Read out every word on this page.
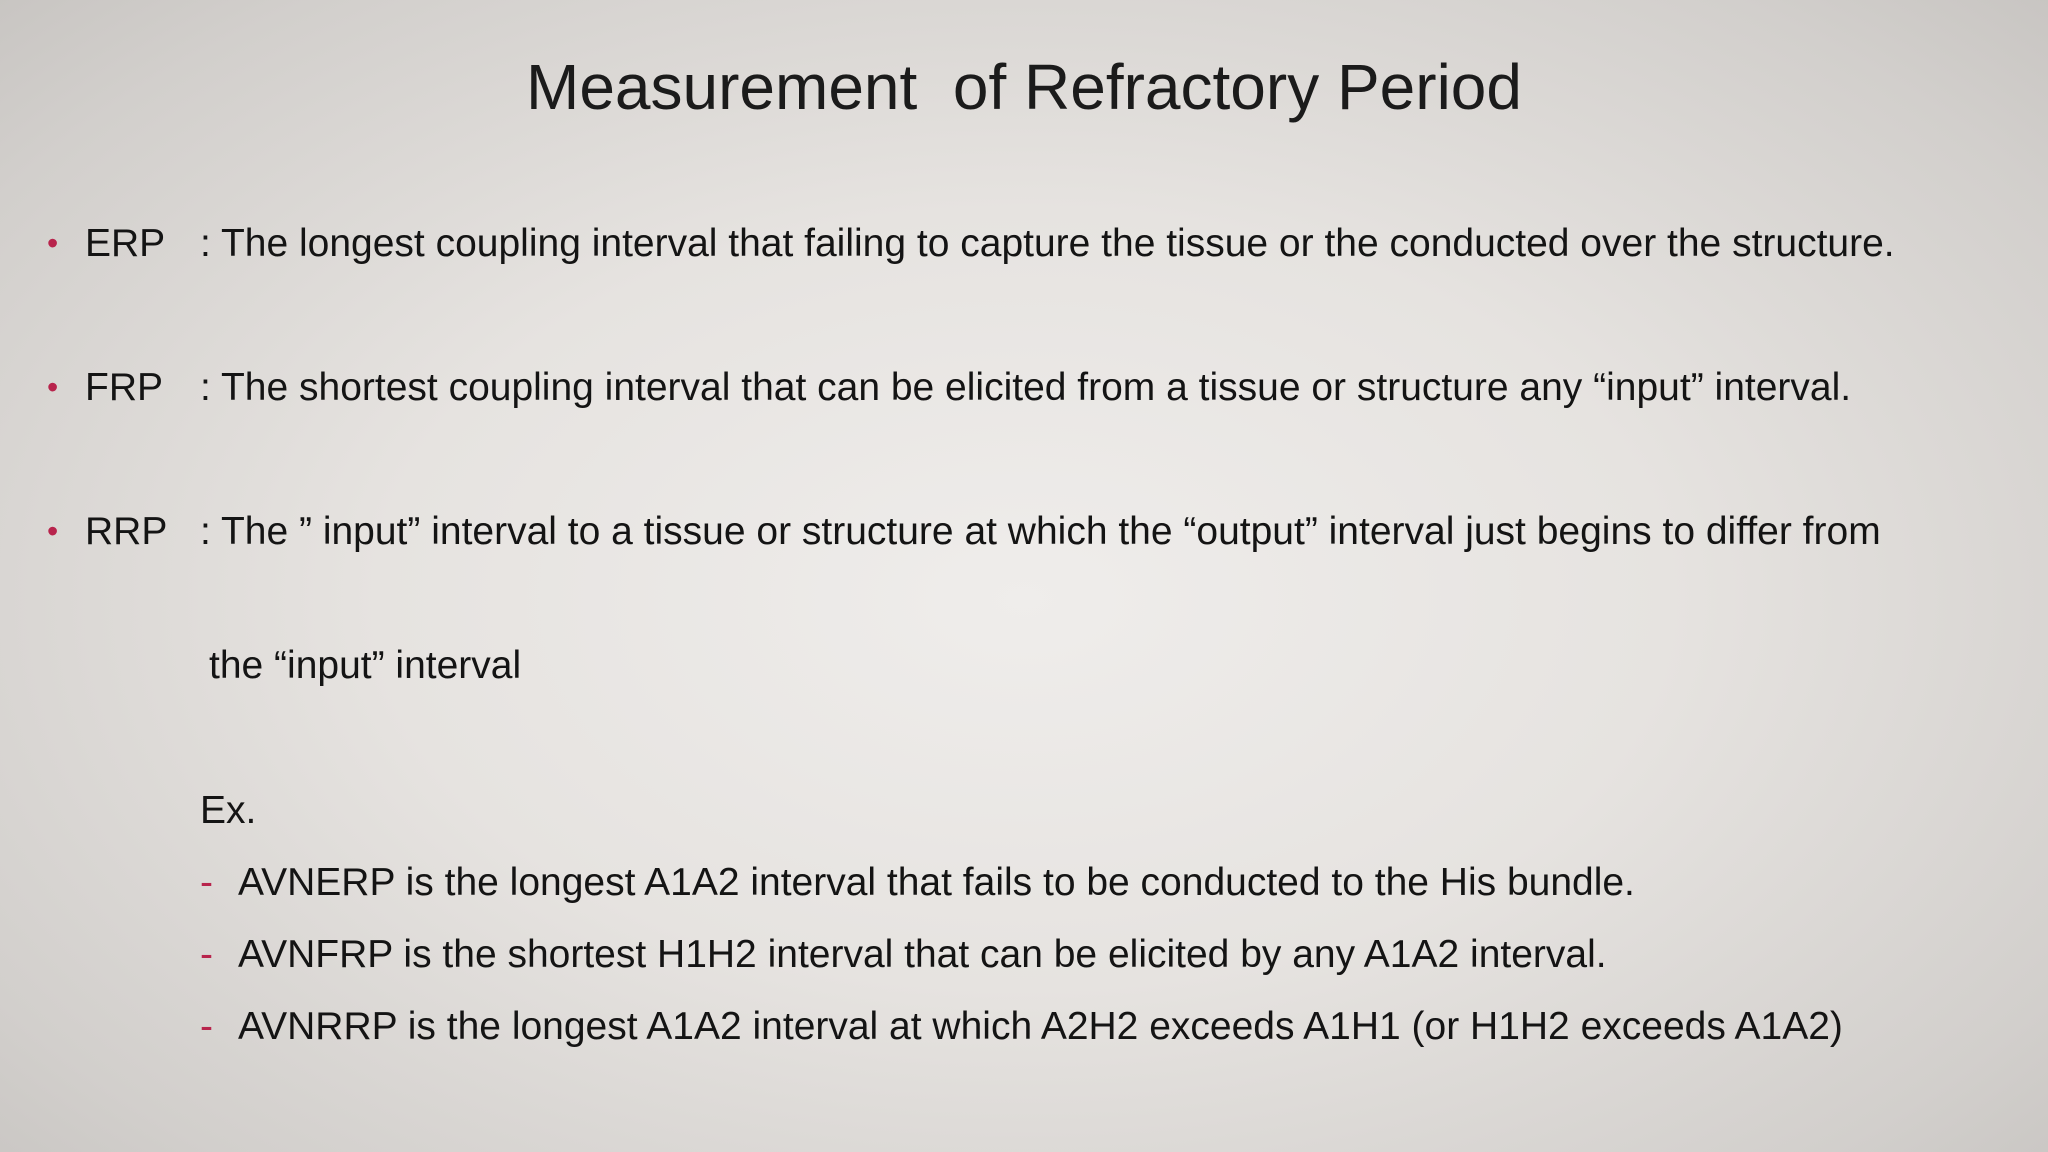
Measurement  of Refractory Period
• ERP : The longest coupling interval that failing to capture the tissue or the conducted over the structure.
• FRP : The shortest coupling interval that can be elicited from a tissue or structure any “input” interval.
• RRP : The ” input” interval to a tissue or structure at which the “output” interval just begins to differ from
the “input” interval
Ex.
- AVNERP is the longest A1A2 interval that fails to be conducted to the His bundle.
- AVNFRP is the shortest H1H2 interval that can be elicited by any A1A2 interval.
- AVNRRP is the longest A1A2 interval at which A2H2 exceeds A1H1 (or H1H2 exceeds A1A2)
